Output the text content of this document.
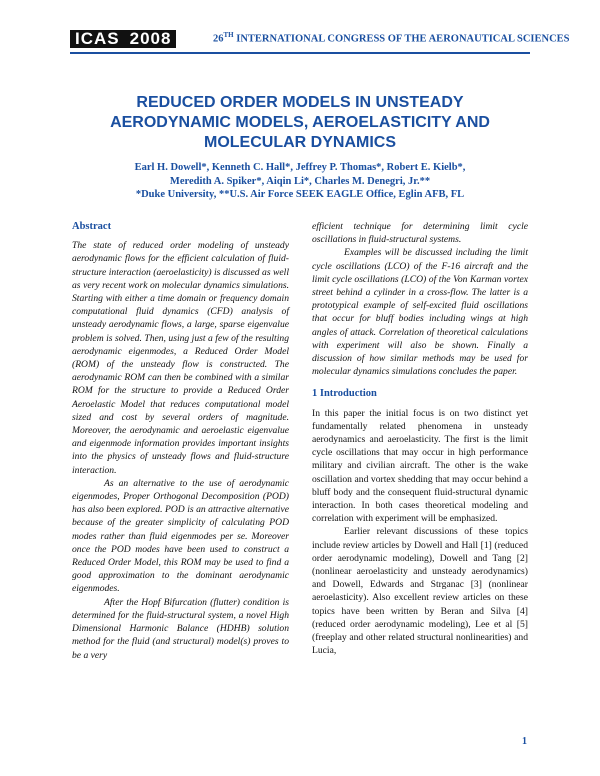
ICAS 2008	26TH INTERNATIONAL CONGRESS OF THE AERONAUTICAL SCIENCES
REDUCED ORDER MODELS IN UNSTEADY
AERODYNAMIC MODELS, AEROELASTICITY AND
MOLECULAR DYNAMICS
Earl H. Dowell*, Kenneth C. Hall*, Jeffrey P. Thomas*, Robert E. Kielb*,
Meredith A. Spiker*, Aiqin Li*, Charles M. Denegri, Jr.**
*Duke University, **U.S. Air Force SEEK EAGLE Office, Eglin AFB, FL
Abstract

The state of reduced order modeling of unsteady aerodynamic flows for the efficient calculation of fluid-structure interaction (aeroelasticity) is discussed as well as very recent work on molecular dynamics simulations. Starting with either a time domain or frequency domain computational fluid dynamics (CFD) analysis of unsteady aerodynamic flows, a large, sparse eigenvalue problem is solved. Then, using just a few of the resulting aerodynamic eigenmodes, a Reduced Order Model (ROM) of the unsteady flow is constructed. The aerodynamic ROM can then be combined with a similar ROM for the structure to provide a Reduced Order Aeroelastic Model that reduces computational model sized and cost by several orders of magnitude. Moreover, the aerodynamic and aeroelastic eigenvalue and eigenmode information provides important insights into the physics of unsteady flows and fluid-structure interaction.

As an alternative to the use of aerodynamic eigenmodes, Proper Orthogonal Decomposition (POD) has also been explored. POD is an attractive alternative because of the greater simplicity of calculating POD modes rather than fluid eigenmodes per se. Moreover once the POD modes have been used to construct a Reduced Order Model, this ROM may be used to find a good approximation to the dominant aerodynamic eigenmodes.

After the Hopf Bifurcation (flutter) condition is determined for the fluid-structural system, a novel High Dimensional Harmonic Balance (HDHB) solution method for the fluid (and structural) model(s) proves to be a very

efficient technique for determining limit cycle oscillations in fluid-structural systems.

Examples will be discussed including the limit cycle oscillations (LCO) of the F-16 aircraft and the limit cycle oscillations (LCO) of the Von Karman vortex street behind a cylinder in a cross-flow. The latter is a prototypical example of self-excited fluid oscillations that occur for bluff bodies including wings at high angles of attack. Correlation of theoretical calculations with experiment will also be shown. Finally a discussion of how similar methods may be used for molecular dynamics simulations concludes the paper.

1 Introduction

In this paper the initial focus is on two distinct yet fundamentally related phenomena in unsteady aerodynamics and aeroelasticity. The first is the limit cycle oscillations that may occur in high performance military and civilian aircraft. The other is the wake oscillation and vortex shedding that may occur behind a bluff body and the consequent fluid-structural dynamic interaction. In both cases theoretical modeling and correlation with experiment will be emphasized.

Earlier relevant discussions of these topics include review articles by Dowell and Hall [1] (reduced order aerodynamic modeling), Dowell and Tang [2] (nonlinear aeroelasticity and unsteady aerodynamics) and Dowell, Edwards and Strganac [3] (nonlinear aeroelasticity). Also excellent review articles on these topics have been written by Beran and Silva [4] (reduced order aerodynamic modeling), Lee et al [5] (freeplay and other related structural nonlinearities) and Lucia,

1
